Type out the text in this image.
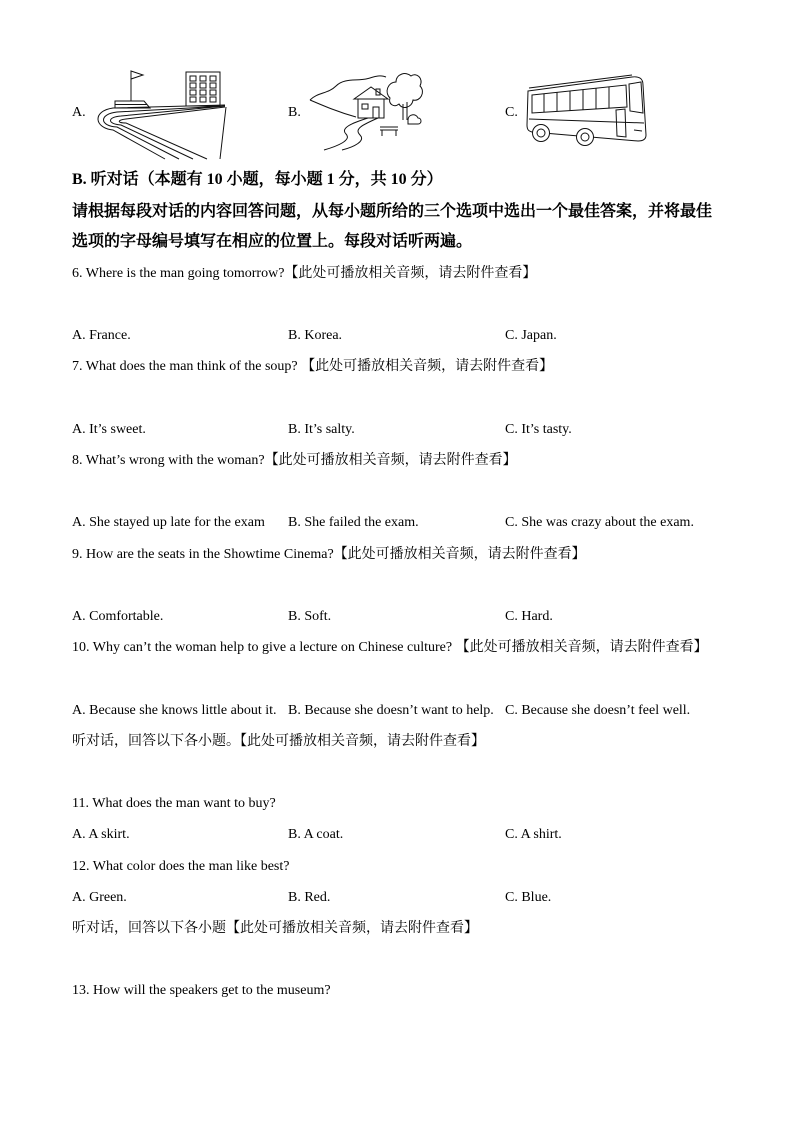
A.	B.	C.
B. 听对话（本题有 10 小题，每小题 1 分，共 10 分）
请根据每段对话的内容回答问题，从每小题所给的三个选项中选出一个最佳答案，并将最佳
选项的字母编号填写在相应的位置上。每段对话听两遍。
6. Where is the man going tomorrow?【此处可播放相关音频，请去附件查看】
A. France.	B. Korea.	C. Japan.
7. What does the man think of the soup? 【此处可播放相关音频，请去附件查看】
A. It’s sweet.	B. It’s salty.	C. It’s tasty.
8. What’s wrong with the woman?【此处可播放相关音频，请去附件查看】
A. She stayed up late for the exam B. She failed the exam.	C. She was crazy about the exam.
9. How are the seats in the Showtime Cinema?【此处可播放相关音频，请去附件查看】
A. Comfortable.	B. Soft.	C. Hard.
10. Why can’t the woman help to give a lecture on Chinese culture? 【此处可播放相关音频，请去附件查看】
A. Because she knows little about it. B. Because she doesn’t want to help. C. Because she doesn’t feel well.
听对话，回答以下各小题。【此处可播放相关音频，请去附件查看】
11. What does the man want to buy?
A. A skirt.	B. A coat.	C. A shirt.
12. What color does the man like best?
A. Green.	B. Red.	C. Blue.
听对话，回答以下各小题【此处可播放相关音频，请去附件查看】
13. How will the speakers get to the museum?
